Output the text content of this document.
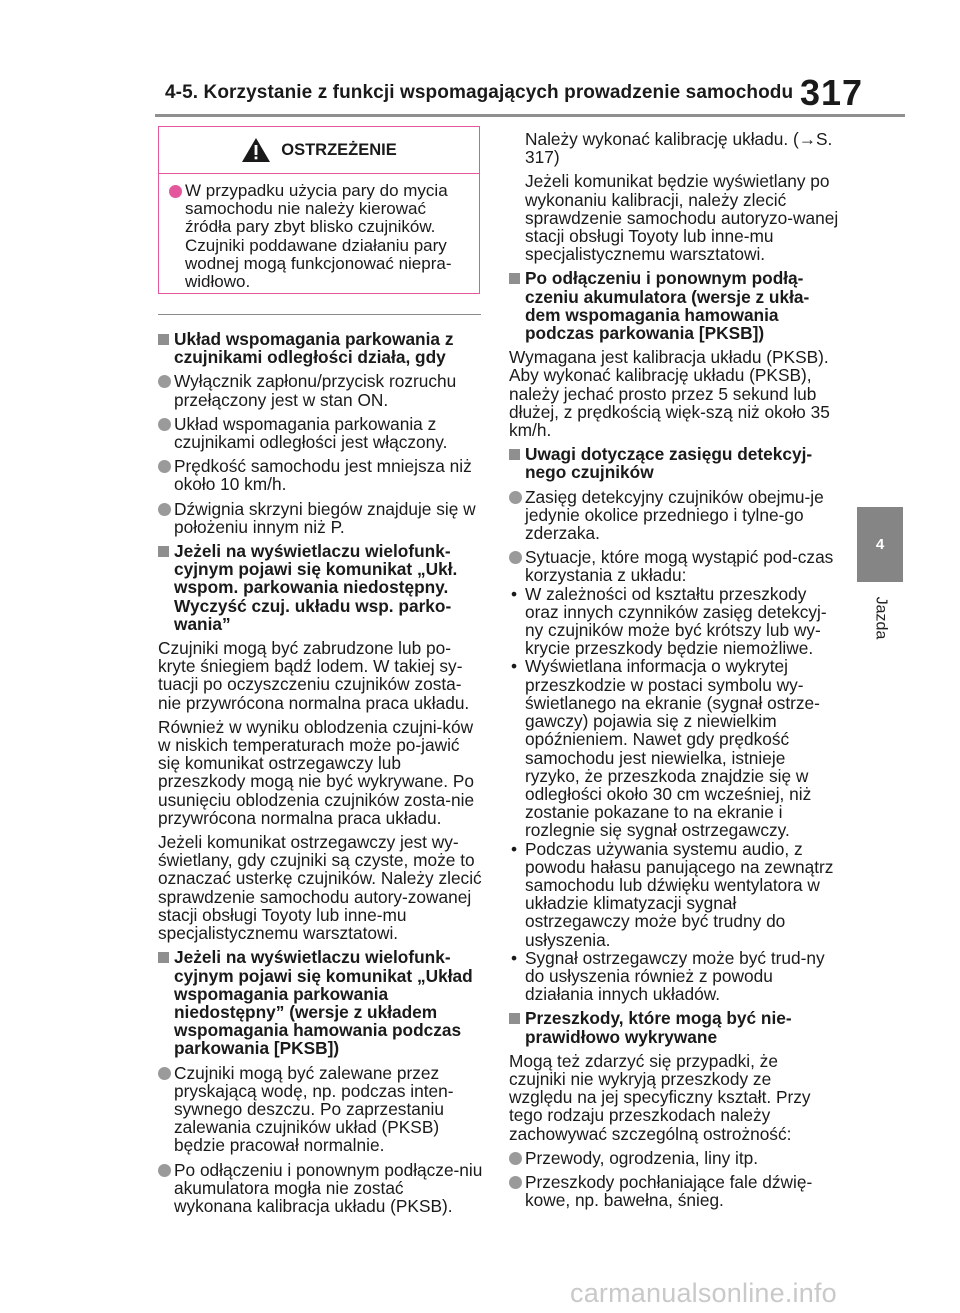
4-5. Korzystanie z funkcji wspomagających prowadzenie samochodu 317
4
Jazda
OSTRZEŻENIE

W przypadku użycia pary do mycia samochodu nie należy kierować źródła pary zbyt blisko czujników. Czujniki poddawane działaniu pary wodnej mogą funkcjonować niepra-widłowo.

Układ wspomagania parkowania z czujnikami odległości działa, gdy

Wyłącznik zapłonu/przycisk rozruchu przełączony jest w stan ON.

Układ wspomagania parkowania z czujnikami odległości jest włączony.

Prędkość samochodu jest mniejsza niż około 10 km/h.

Dźwignia skrzyni biegów znajduje się w położeniu innym niż P.

Jeżeli na wyświetlaczu wielofunk-cyjnym pojawi się komunikat „Ukł. wspom. parkowania niedostępny. Wyczyść czuj. układu wsp. parko-wania”

Czujniki mogą być zabrudzone lub po-kryte śniegiem bądź lodem. W takiej sy-tuacji po oczyszczeniu czujników zosta-nie przywrócona normalna praca układu.

Również w wyniku oblodzenia czujni-ków w niskich temperaturach może po-jawić się komunikat ostrzegawczy lub przeszkody mogą nie być wykrywane. Po usunięciu oblodzenia czujników zosta-nie przywrócona normalna praca układu.

Jeżeli komunikat ostrzegawczy jest wy-świetlany, gdy czujniki są czyste, może to oznaczać usterkę czujników. Należy zlecić sprawdzenie samochodu autory-zowanej stacji obsługi Toyoty lub inne-mu specjalistycznemu warsztatowi.

Jeżeli na wyświetlaczu wielofunk-cyjnym pojawi się komunikat „Układ wspomagania parkowania niedostępny” (wersje z układem wspomagania hamowania podczas parkowania [PKSB])

Czujniki mogą być zalewane przez pryskającą wodę, np. podczas inten-sywnego deszczu. Po zaprzestaniu zalewania czujników układ (PKSB) będzie pracował normalnie.

Po odłączeniu i ponownym podłącze-niu akumulatora mogła nie zostać wykonana kalibracja układu (PKSB).

Należy wykonać kalibrację układu. (→S. 317)

Jeżeli komunikat będzie wyświetlany po wykonaniu kalibracji, należy zlecić sprawdzenie samochodu autoryzo-wanej stacji obsługi Toyoty lub inne-mu specjalistycznemu warsztatowi.

Po odłączeniu i ponownym podłą-czeniu akumulatora (wersje z ukła-dem wspomagania hamowania podczas parkowania [PKSB])

Wymagana jest kalibracja układu (PKSB). Aby wykonać kalibrację układu (PKSB), należy jechać prosto przez 5 sekund lub dłużej, z prędkością więk-szą niż około 35 km/h.

Uwagi dotyczące zasięgu detekcyj-nego czujników

Zasięg detekcyjny czujników obejmu-je jedynie okolice przedniego i tylne-go zderzaka.

Sytuacje, które mogą wystąpić pod-czas korzystania z układu:

• W zależności od kształtu przeszkody oraz innych czynników zasięg detekcyj-ny czujników może być krótszy lub wy-krycie przeszkody będzie niemożliwe.

• Wyświetlana informacja o wykrytej przeszkodzie w postaci symbolu wy-świetlanego na ekranie (sygnał ostrze-gawczy) pojawia się z niewielkim opóźnieniem. Nawet gdy prędkość samochodu jest niewielka, istnieje ryzyko, że przeszkoda znajdzie się w odległości około 30 cm wcześniej, niż zostanie pokazane to na ekranie i rozlegnie się sygnał ostrzegawczy.

• Podczas używania systemu audio, z powodu hałasu panującego na zewnątrz samochodu lub dźwięku wentylatora w układzie klimatyzacji sygnał ostrzegawczy może być trudny do usłyszenia.

• Sygnał ostrzegawczy może być trud-ny do usłyszenia również z powodu działania innych układów.

Przeszkody, które mogą być nie-prawidłowo wykrywane

Mogą też zdarzyć się przypadki, że czujniki nie wykryją przeszkody ze względu na jej specyficzny kształt. Przy tego rodzaju przeszkodach należy zachowywać szczególną ostrożność:

Przewody, ogrodzenia, liny itp.

Przeszkody pochłaniające fale dźwię-kowe, np. bawełna, śnieg.

carmanualsonline.info
